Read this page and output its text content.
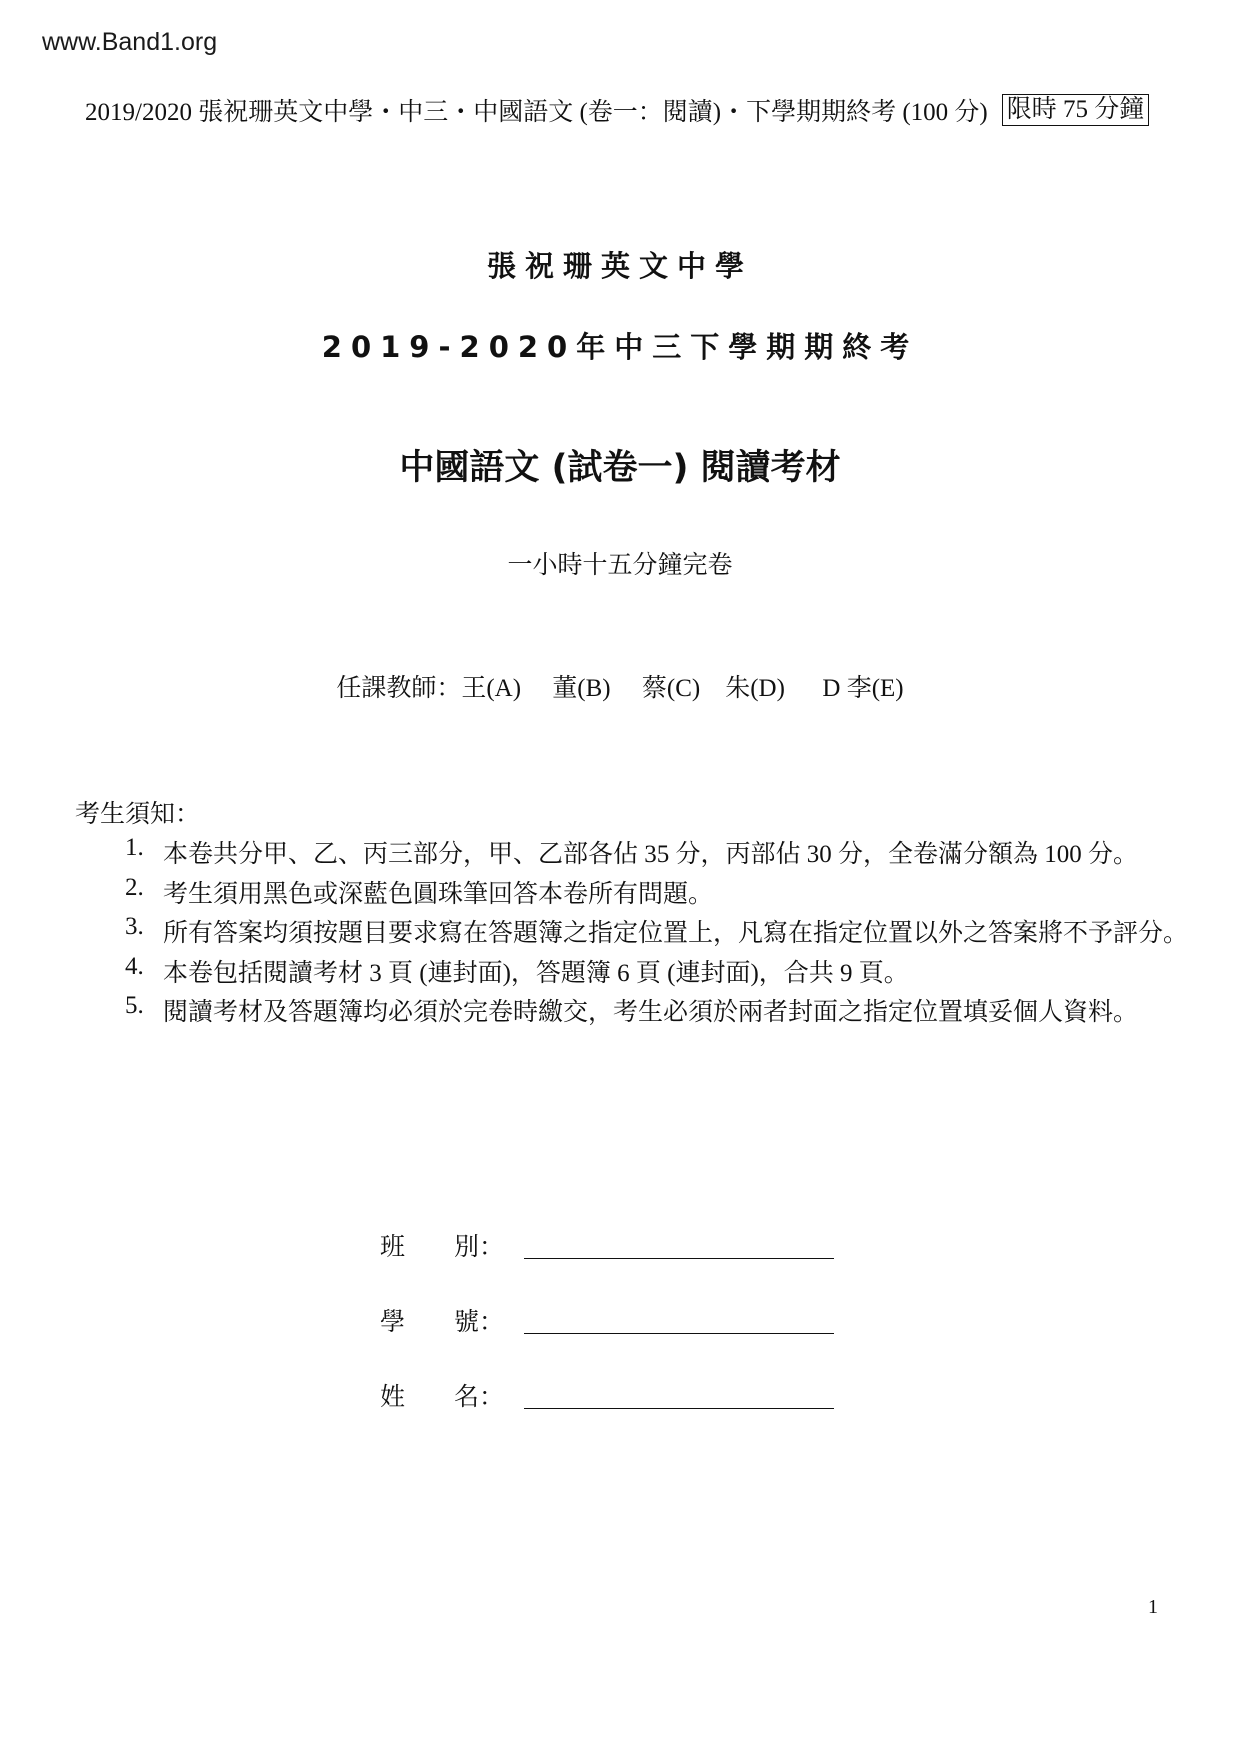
www.Band1.org
2019/2020 張祝珊英文中學・中三・中國語文 (卷一：閱讀)・下學期期終考 (100 分) 限時 75 分鐘
張祝珊英文中學
2019-2020年中三下學期期終考
中國語文 (試卷一) 閱讀考材
一小時十五分鐘完卷
任課教師：王(A)     董(B)     蔡(C)    朱(D)      D 李(E)
考生須知：
1. 本卷共分甲、乙、丙三部分，甲、乙部各佔 35 分，丙部佔 30 分，全卷滿分額為 100 分。
2. 考生須用黑色或深藍色圓珠筆回答本卷所有問題。
3. 所有答案均須按題目要求寫在答題簿之指定位置上，凡寫在指定位置以外之答案將不予評分。
4. 本卷包括閱讀考材 3 頁 (連封面)，答題簿 6 頁 (連封面)，合共 9 頁。
5. 閱讀考材及答題簿均必須於完卷時繳交，考生必須於兩者封面之指定位置填妥個人資料。
班	別：
學	號：
姓	名：
1
